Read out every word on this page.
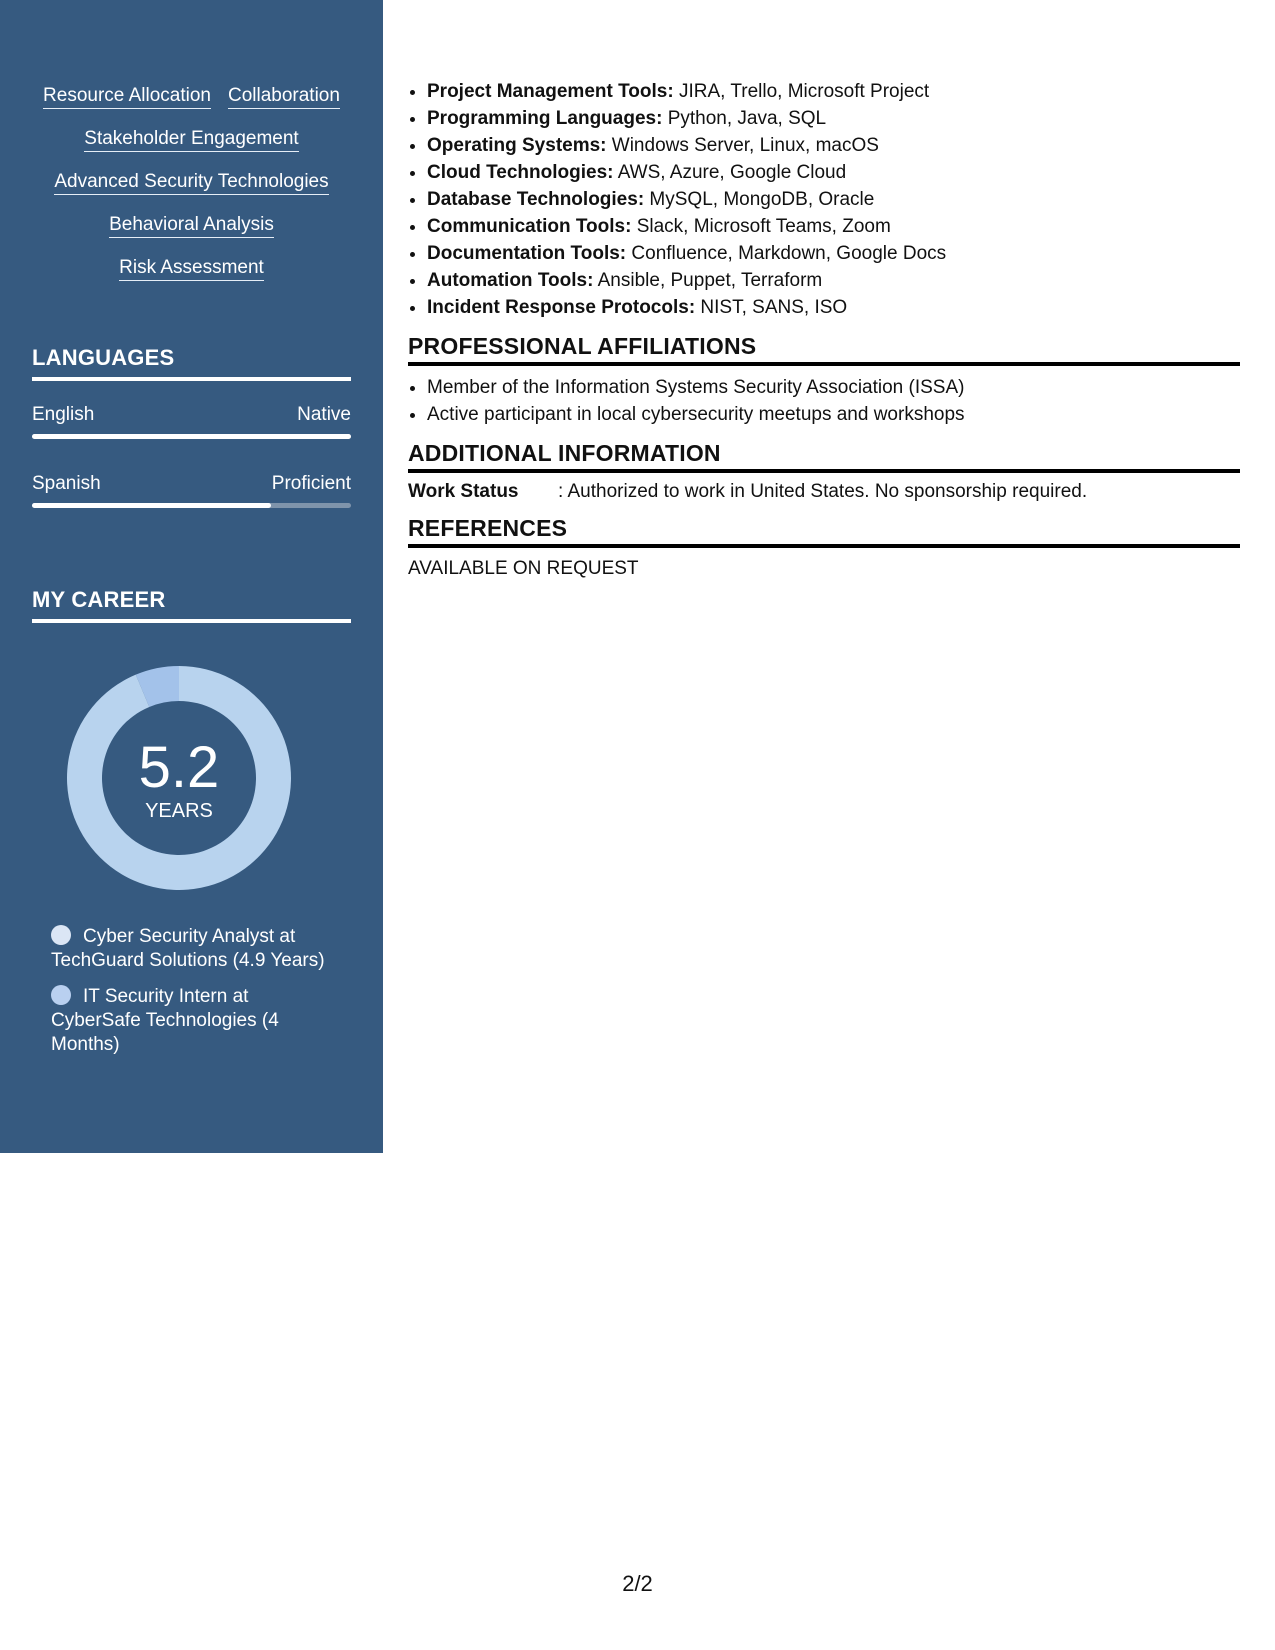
Resource Allocation Collaboration
Stakeholder Engagement
Advanced Security Technologies
Behavioral Analysis
Risk Assessment
LANGUAGES
English	Native
Spanish	Proficient
MY CAREER
5.2
YEARS
Cyber Security Analyst at TechGuard Solutions (4.9 Years)
IT Security Intern at CyberSafe Technologies (4 Months)
• Project Management Tools: JIRA, Trello, Microsoft Project
• Programming Languages: Python, Java, SQL
• Operating Systems: Windows Server, Linux, macOS
• Cloud Technologies: AWS, Azure, Google Cloud
• Database Technologies: MySQL, MongoDB, Oracle
• Communication Tools: Slack, Microsoft Teams, Zoom
• Documentation Tools: Confluence, Markdown, Google Docs
• Automation Tools: Ansible, Puppet, Terraform
• Incident Response Protocols: NIST, SANS, ISO
PROFESSIONAL AFFILIATIONS
• Member of the Information Systems Security Association (ISSA)
• Active participant in local cybersecurity meetups and workshops
ADDITIONAL INFORMATION
Work Status	: Authorized to work in United States. No sponsorship required.
REFERENCES
AVAILABLE ON REQUEST
2/2
